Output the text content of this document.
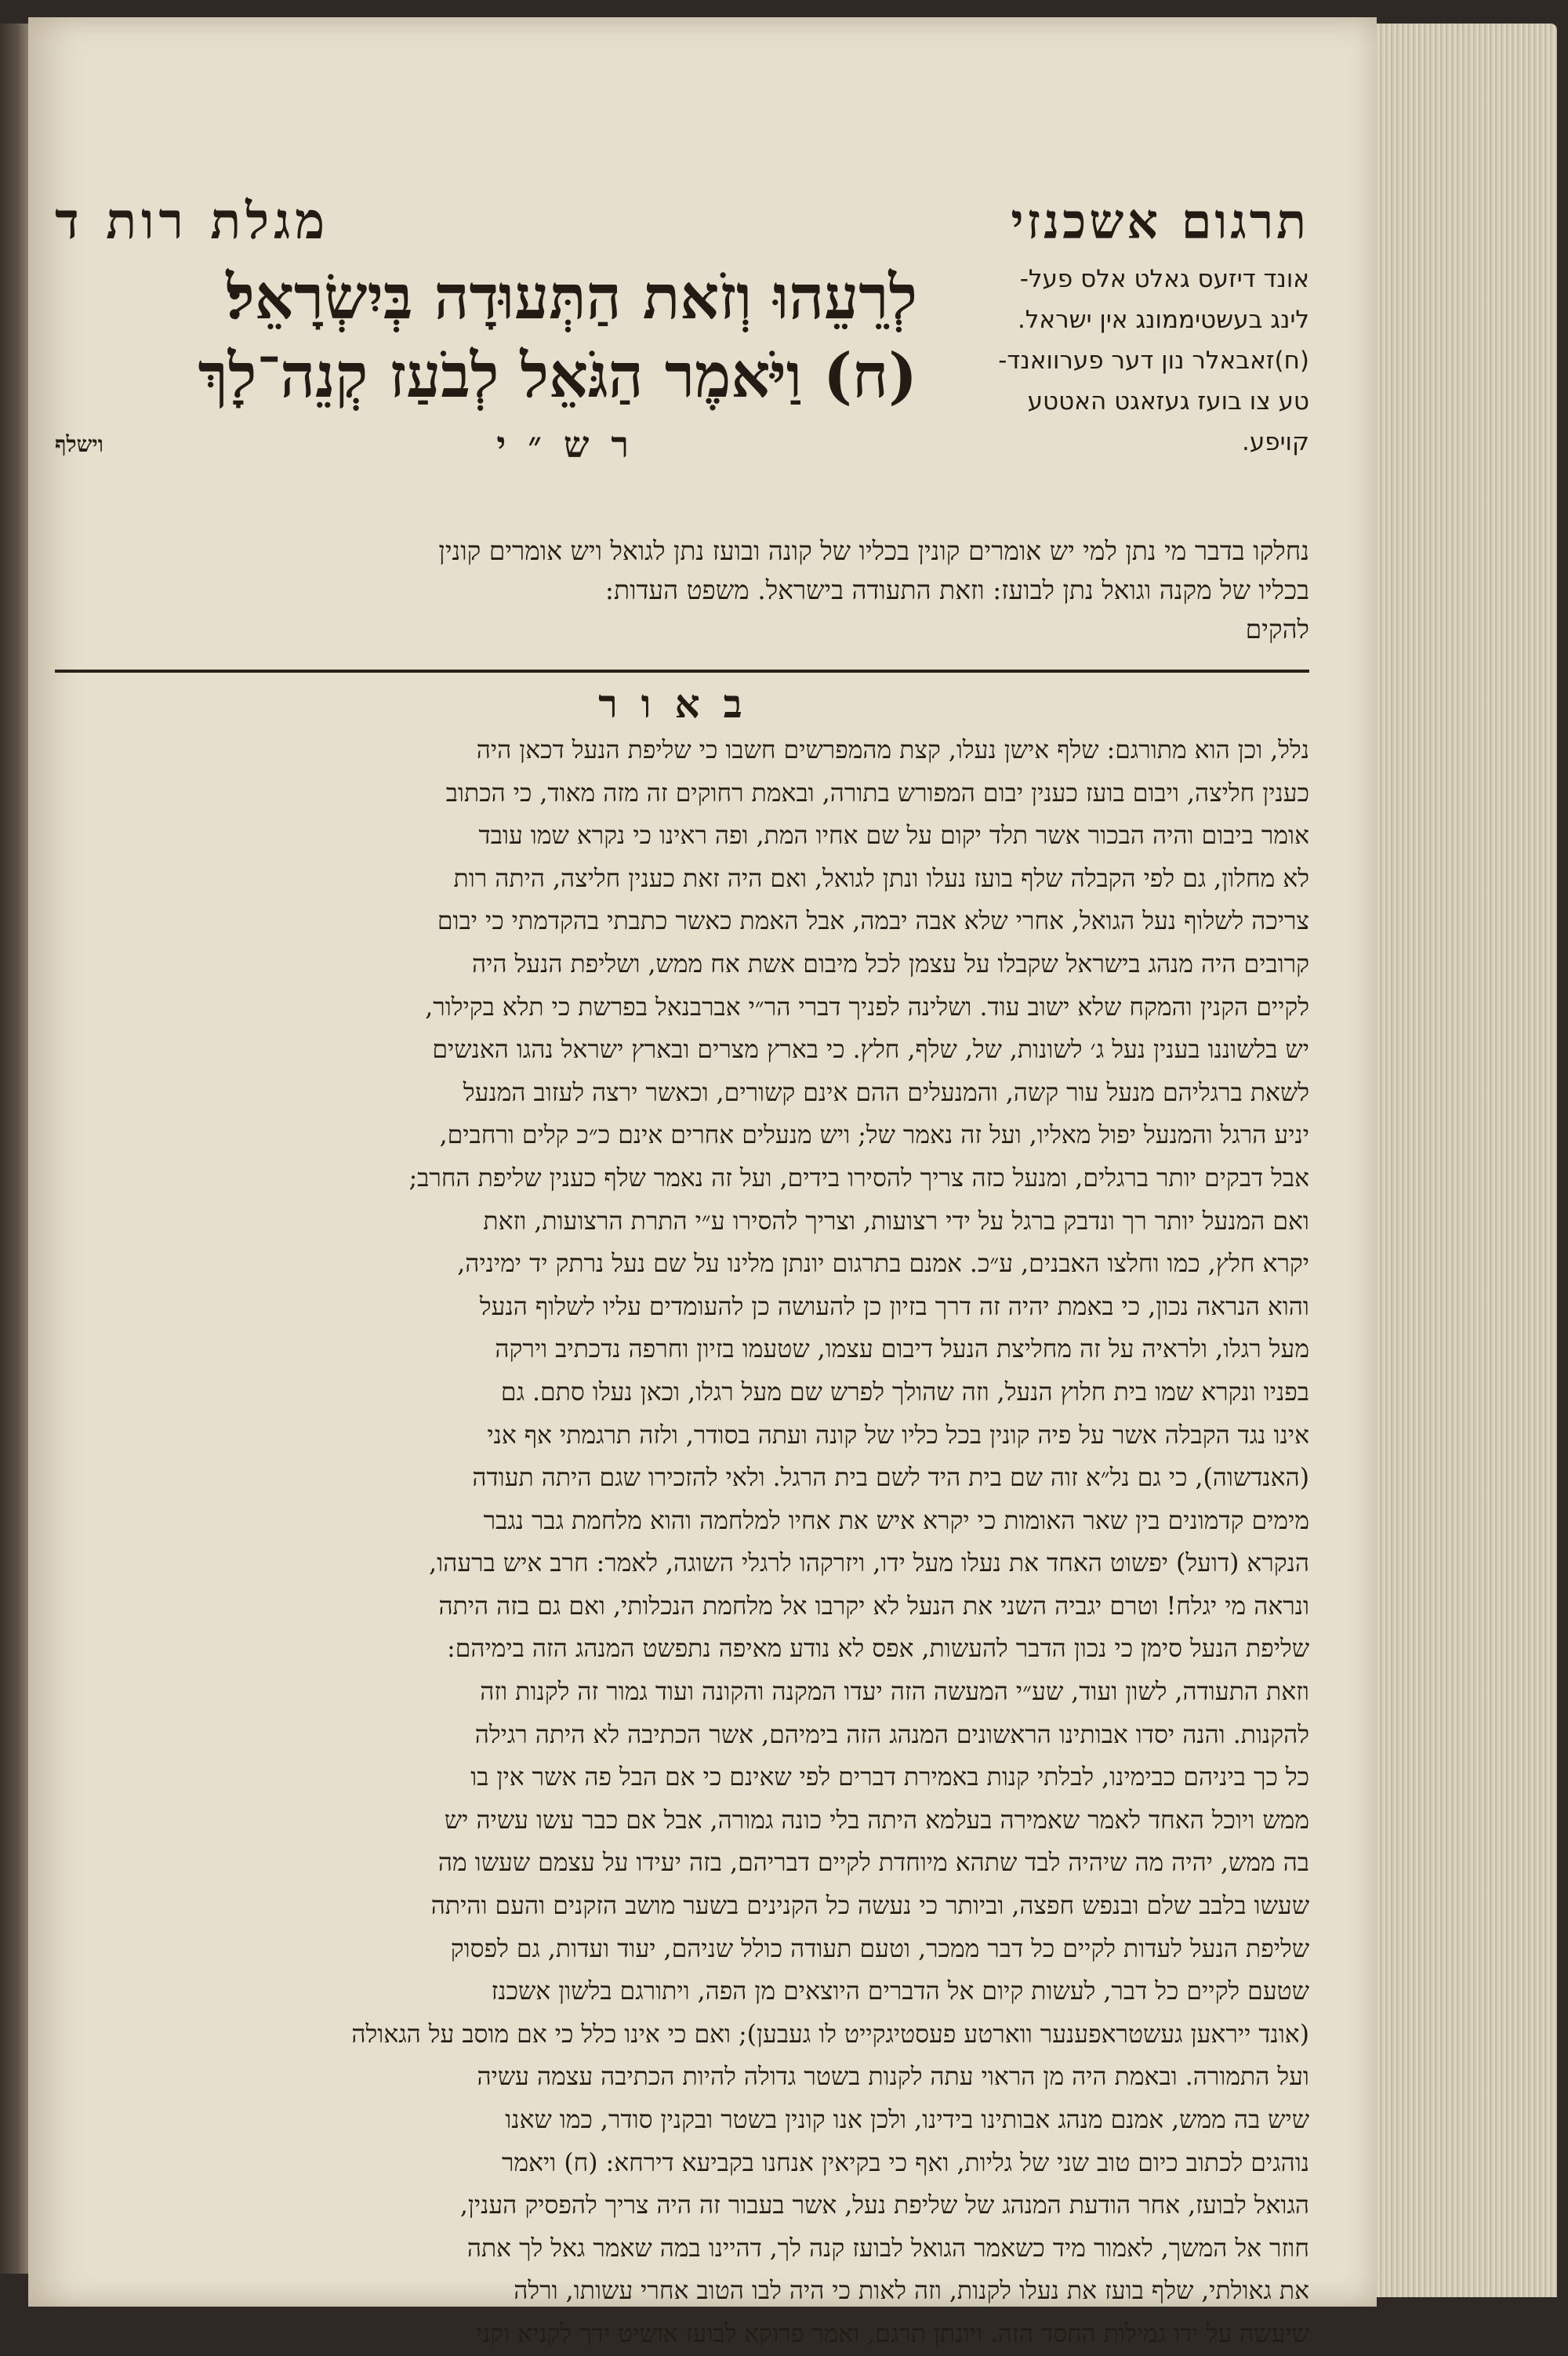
תרגום אשכנזי
מגלת רות ד
אונד דיזעס גאלט אלס פעל-
לינג בעשטיממונג אין ישראל.
(ח)זאבאלר נון דער פערוואנד-
טע צו בועז געזאגט האטטע
קויפע.
לְרֵעֵהוּ וְזֹאת הַתְּעוּדָה בְּיִשְׂרָאֵל׃
(ח) וַיֹּאמֶר הַגֹּאֵל לְבֹעַז קְנֵה־לָךְ
רש״י
וישלף
נחלקו בדבר מי נתן למי יש אומרים קונין בכליו של קונה ובועז נתן לגואל ויש אומרים קונין
בכליו של מקנה וגואל נתן לבועז: וזאת התעודה בישראל. משפט העדות:
להקים
באור
נלל, וכן הוא מתורגם: שלף אישן נעלו, קצת מהמפרשים חשבו כי שליפת הנעל דכאן היה
כענין חליצה, ויבום בועז כענין יבום המפורש בתורה, ובאמת רחוקים זה מזה מאוד, כי הכתוב
אומר ביבום והיה הבכור אשר תלד יקום על שם אחיו המת, ופה ראינו כי נקרא שמו עובד
לא מחלון, גם לפי הקבלה שלף בועז נעלו ונתן לגואל, ואם היה זאת כענין חליצה, היתה רות
צריכה לשלוף נעל הגואל, אחרי שלא אבה יבמה, אבל האמת כאשר כתבתי בהקדמתי כי יבום
קרובים היה מנהג בישראל שקבלו על עצמן לכל מיבום אשת אח ממש, ושליפת הנעל היה
לקיים הקנין והמקח שלא ישוב עוד. ושלינה לפניך דברי הר״י אברבנאל בפרשת כי תלא בקילור,
יש בלשוננו בענין נעל ג׳ לשונות, של, שלף, חלץ. כי בארץ מצרים ובארץ ישראל נהגו האנשים
לשאת ברגליהם מנעל עור קשה, והמנעלים ההם אינם קשורים, וכאשר ירצה לעזוב המנעל
יניע הרגל והמנעל יפול מאליו, ועל זה נאמר של; ויש מנעלים אחרים אינם כ״כ קלים ורחבים,
אבל דבקים יותר ברגלים, ומנעל כזה צריך להסירו בידים, ועל זה נאמר שלף כענין שליפת החרב;
ואם המנעל יותר רך ונדבק ברגל על ידי רצועות, וצריך להסירו ע״י התרת הרצועות, וזאת
יקרא חלץ, כמו וחלצו האבנים, ע״כ. אמנם בתרגום יונתן מלינו על שם נעל נרתק יד ימיניה,
והוא הנראה נכון, כי באמת יהיה זה דרך בזיון כן להעושה כן להעומדים עליו לשלוף הנעל
מעל רגלו, ולראיה על זה מחליצת הנעל דיבום עצמו, שטעמו בזיון וחרפה נדכתיב וירקה
בפניו ונקרא שמו בית חלוץ הנעל, וזה שהולך לפרש שם מעל רגלו, וכאן נעלו סתם. גם
אינו נגד הקבלה אשר על פיה קונין בכל כליו של קונה ועתה בסודר, ולזה תרגמתי אף אני
(האנדשוה), כי גם נל״א זוה שם בית היד לשם בית הרגל. ולאי להזכירו שגם היתה תעודה
מימים קדמונים בין שאר האומות כי יקרא איש את אחיו למלחמה והוא מלחמת גבר נגבר
הנקרא (דועל) יפשוט האחד את נעלו מעל ידו, ויזרקהו לרגלי השוגה, לאמר: חרב איש ברעהו,
ונראה מי יגלח! וטרם יגביה השני את הנעל לא יקרבו אל מלחמת הנכלותי, ואם גם בזה היתה
שליפת הנעל סימן כי נכון הדבר להעשות, אפס לא נודע מאיפה נתפשט המנהג הזה בימיהם:
וזאת התעודה, לשון ועוד, שע״י המעשה הזה יעדו המקנה והקונה ועוד גמור זה לקנות וזה
להקנות. והנה יסדו אבותינו הראשונים המנהג הזה בימיהם, אשר הכתיבה לא היתה רגילה
כל כך ביניהם כבימינו, לבלתי קנות באמירת דברים לפי שאינם כי אם הבל פה אשר אין בו
ממש ויוכל האחד לאמר שאמירה בעלמא היתה בלי כונה גמורה, אבל אם כבר עשו עשיה יש
בה ממש, יהיה מה שיהיה לבד שתהא מיוחדת לקיים דבריהם, בזה יעידו על עצמם שעשו מה
שעשו בלבב שלם ובנפש חפצה, וביותר כי נעשה כל הקנינים בשער מושב הזקנים והעם והיתה
שליפת הנעל לעדות לקיים כל דבר ממכר, וטעם תעודה כולל שניהם, יעוד ועדות, גם לפסוק
שטעם לקיים כל דבר, לעשות קיום אל הדברים היוצאים מן הפה, ויתורגם בלשון אשכנז
(אונד ייראען געשטראפענער ווארטע פעסטיגקייט לו געבען); ואם כי אינו כלל כי אם מוסב על הגאולה
ועל התמורה. ובאמת היה מן הראוי עתה לקנות בשטר גדולה להיות הכתיבה עצמה עשיה
שיש בה ממש, אמנם מנהג אבותינו בידינו, ולכן אנו קונין בשטר ובקנין סודר, כמו שאנו
נוהגים לכתוב כיום טוב שני של גליות, ואף כי בקיאין אנחנו בקביעא דירחא: (ח) ויאמר
הגואל לבועז, אחר הודעת המנהג של שליפת נעל, אשר בעבור זה היה צריך להפסיק הענין,
חוזר אל המשך, לאמור מיד כשאמר הגואל לבועז קנה לך, דהיינו במה שאמר גאל לך אתה
את גאולתי, שלף בועז את נעלו לקנות, וזה לאות כי היה לבו הטוב אחרי עשותו, ורלה
שיעשה על ידו גמילות החסד הזה. ויונתן תרגם, ואמר פרוקא לבועז אושיט ידך לקניא וקני
